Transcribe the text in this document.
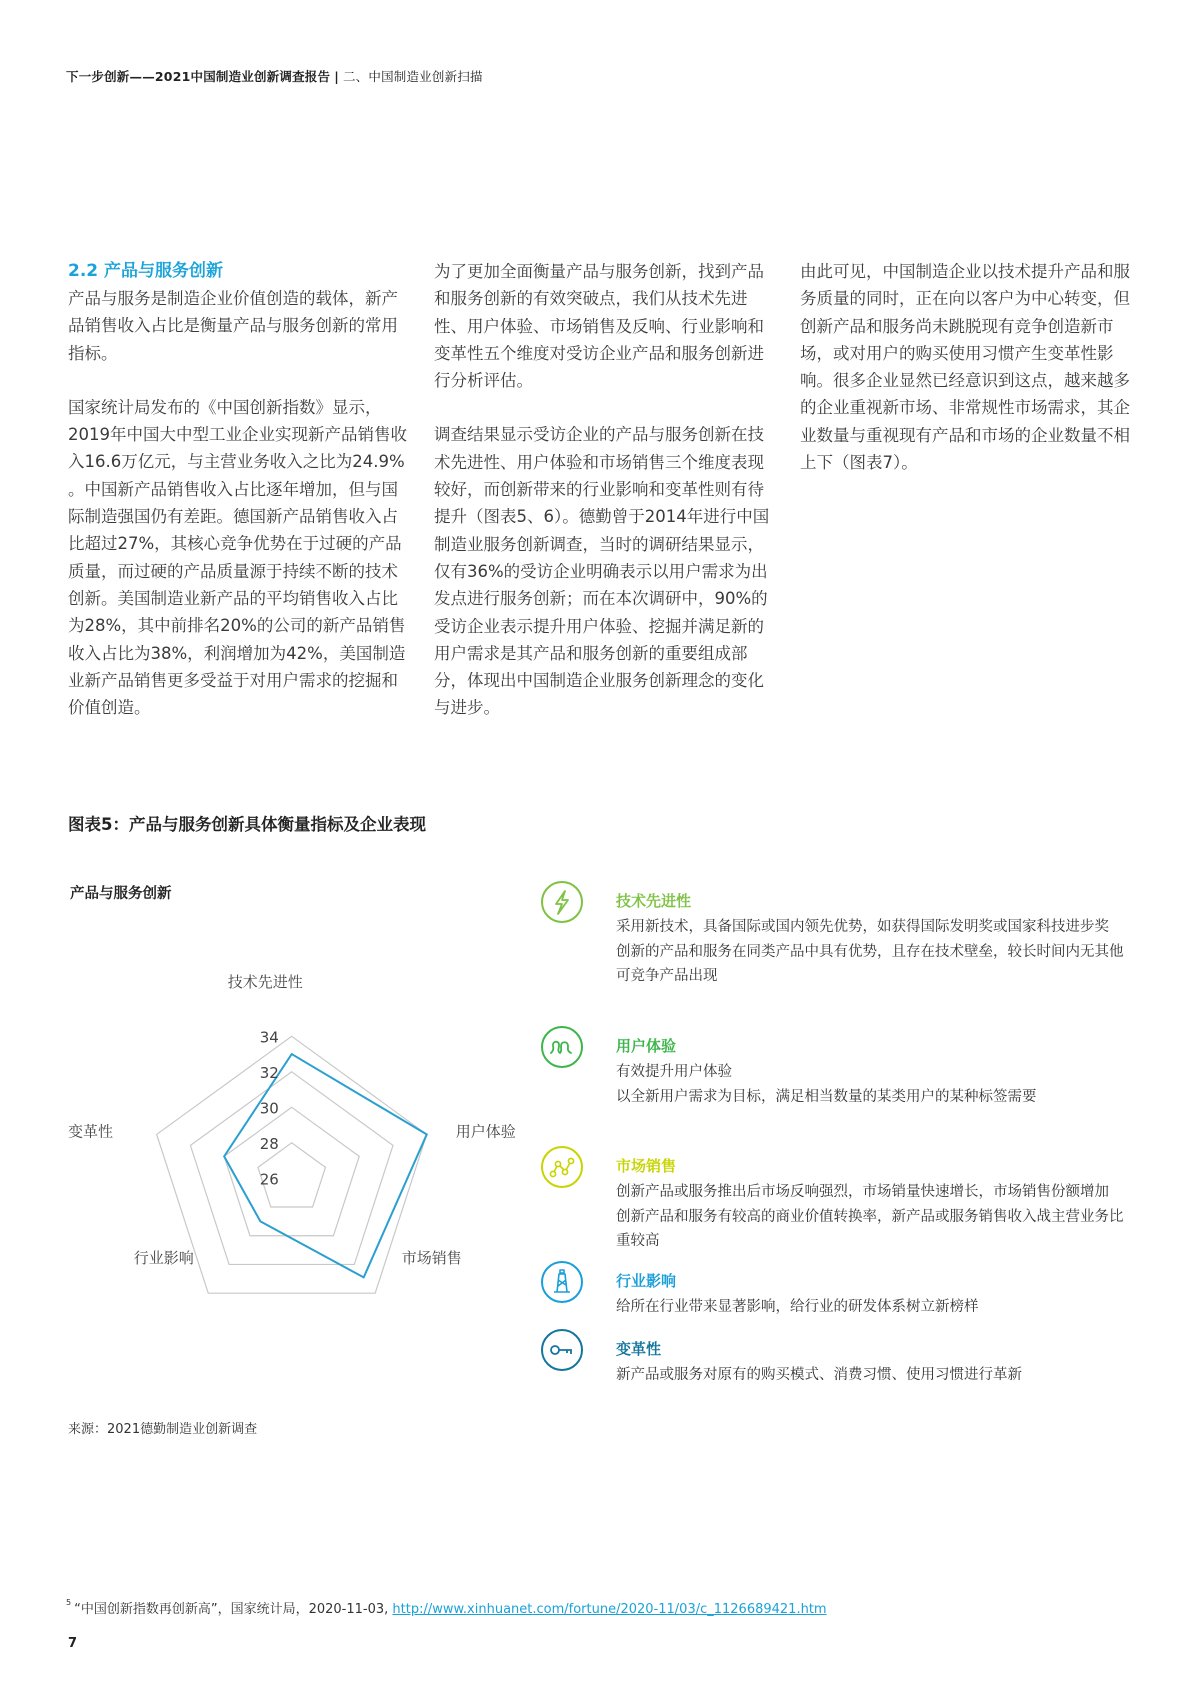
下一步创新——2021中国制造业创新调查报告 | 二、中国制造业创新扫描
2.2 产品与服务创新

产品与服务是制造企业价值创造的载体，新产品销售收入占比是衡量产品与服务创新的常用指标。

国家统计局发布的《中国创新指数》显示，2019年中国大中型工业企业实现新产品销售收入16.6万亿元，与主营业务收入之比为24.9% 。中国新产品销售收入占比逐年增加，但与国际制造强国仍有差距。德国新产品销售收入占比超过27%，其核心竞争优势在于过硬的产品质量，而过硬的产品质量源于持续不断的技术创新。美国制造业新产品的平均销售收入占比为28%，其中前排名20%的公司的新产品销售收入占比为38%，利润增加为42%，美国制造业新产品销售更多受益于对用户需求的挖掘和价值创造。

为了更加全面衡量产品与服务创新，找到产品和服务创新的有效突破点，我们从技术先进性、用户体验、市场销售及反响、行业影响和变革性五个维度对受访企业产品和服务创新进行分析评估。

调查结果显示受访企业的产品与服务创新在技术先进性、用户体验和市场销售三个维度表现较好，而创新带来的行业影响和变革性则有待提升（图表5、6）。德勤曾于2014年进行中国制造业服务创新调查，当时的调研结果显示，仅有36%的受访企业明确表示以用户需求为出发点进行服务创新；而在本次调研中，90%的受访企业表示提升用户体验、挖掘并满足新的用户需求是其产品和服务创新的重要组成部分，体现出中国制造企业服务创新理念的变化与进步。

由此可见，中国制造企业以技术提升产品和服务质量的同时，正在向以客户为中心转变，但创新产品和服务尚未跳脱现有竞争创造新市场，或对用户的购买使用习惯产生变革性影响。很多企业显然已经意识到这点，越来越多的企业重视新市场、非常规性市场需求，其企业数量与重视现有产品和市场的企业数量不相上下（图表7）。

图表5：产品与服务创新具体衡量指标及企业表现
产品与服务创新
34
32
30
28
26
技术先进性
用户体验
市场销售
行业影响
变革性
技术先进性
采用新技术，具备国际或国内领先优势，如获得国际发明奖或国家科技进步奖
创新的产品和服务在同类产品中具有优势，且存在技术壁垒，较长时间内无其他可竞争产品出现
用户体验
有效提升用户体验
以全新用户需求为目标，满足相当数量的某类用户的某种标签需要
市场销售
创新产品或服务推出后市场反响强烈，市场销量快速增长，市场销售份额增加
创新产品和服务有较高的商业价值转换率，新产品或服务销售收入战主营业务比重较高
行业影响
给所在行业带来显著影响，给行业的研发体系树立新榜样
变革性
新产品或服务对原有的购买模式、消费习惯、使用习惯进行革新
来源：2021德勤制造业创新调查
$^5$ “中国创新指数再创新高”，国家统计局，2020-11-03, http://www.xinhuanet.com/fortune/2020-11/03/c_1126689421.htm
7
